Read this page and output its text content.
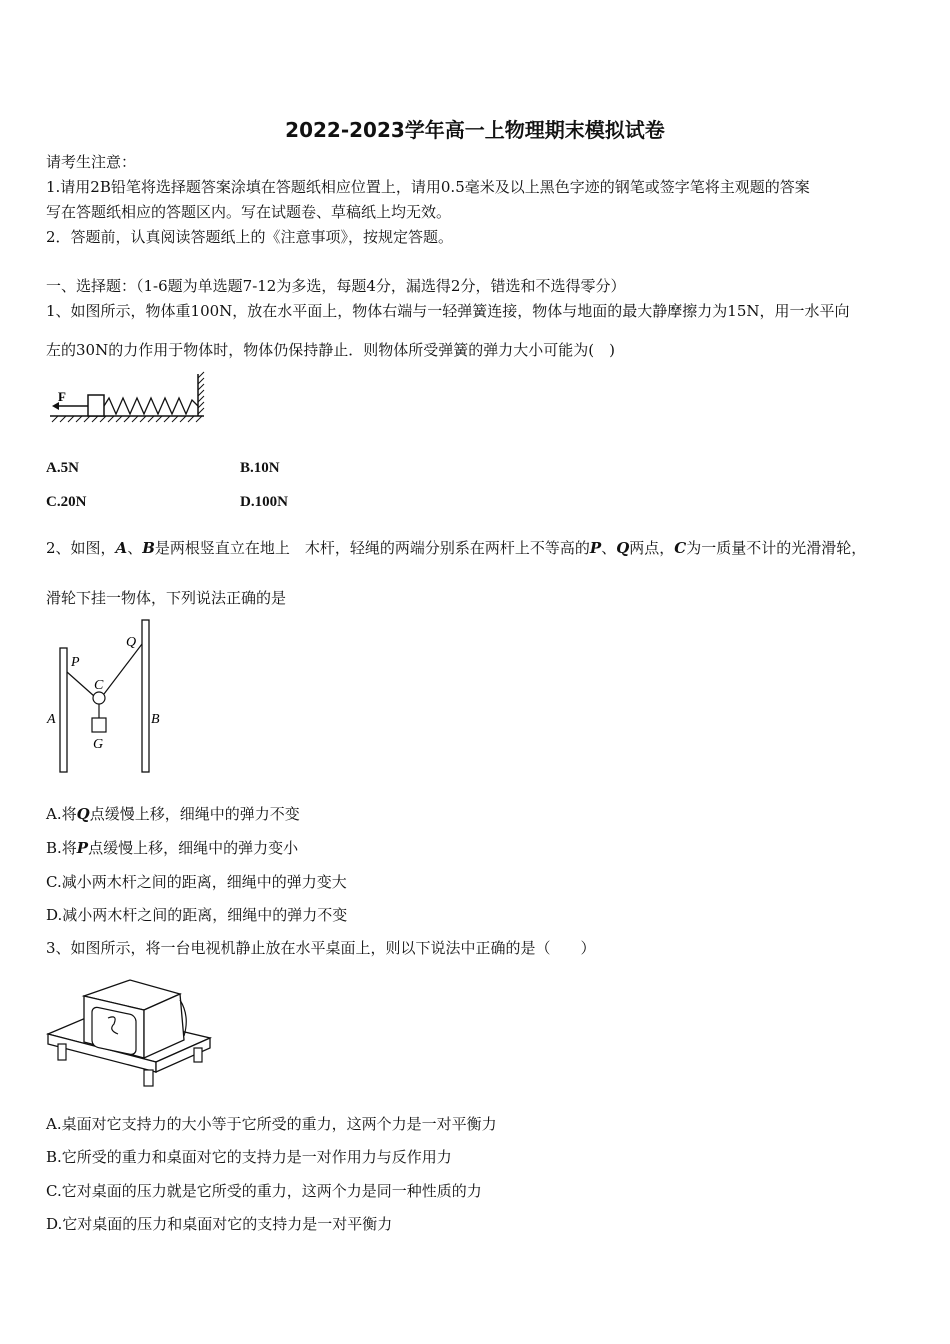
2022-2023学年高一上物理期末模拟试卷
请考生注意：
1.请用2B铅笔将选择题答案涂填在答题纸相应位置上，请用0.5毫米及以上黑色字迹的钢笔或签字笔将主观题的答案
写在答题纸相应的答题区内。写在试题卷、草稿纸上均无效。
2．答题前，认真阅读答题纸上的《注意事项》，按规定答题。
一、选择题：（1-6题为单选题7-12为多选，每题4分，漏选得2分，错选和不选得零分）
1、如图所示，物体重100N，放在水平面上，物体右端与一轻弹簧连接，物体与地面的最大静摩擦力为15N，用一水平向
左的30N的力作用于物体时，物体仍保持静止．则物体所受弹簧的弹力大小可能为(　)
F
A.5N	B.10N
C.20N	D.100N
2、如图，A、B是两根竖直立在地上　木杆，轻绳的两端分别系在两杆上不等高的P、Q两点，C为一质量不计的光滑滑轮，
滑轮下挂一物体，下列说法正确的是
P
Q
C
A	B
G
A.将Q点缓慢上移，细绳中的弹力不变
B.将P点缓慢上移，细绳中的弹力变小
C.减小两木杆之间的距离，细绳中的弹力变大
D.减小两木杆之间的距离，细绳中的弹力不变
3、如图所示，将一台电视机静止放在水平桌面上，则以下说法中正确的是（　　）
A.桌面对它支持力的大小等于它所受的重力，这两个力是一对平衡力
B.它所受的重力和桌面对它的支持力是一对作用力与反作用力
C.它对桌面的压力就是它所受的重力，这两个力是同一种性质的力
D.它对桌面的压力和桌面对它的支持力是一对平衡力
